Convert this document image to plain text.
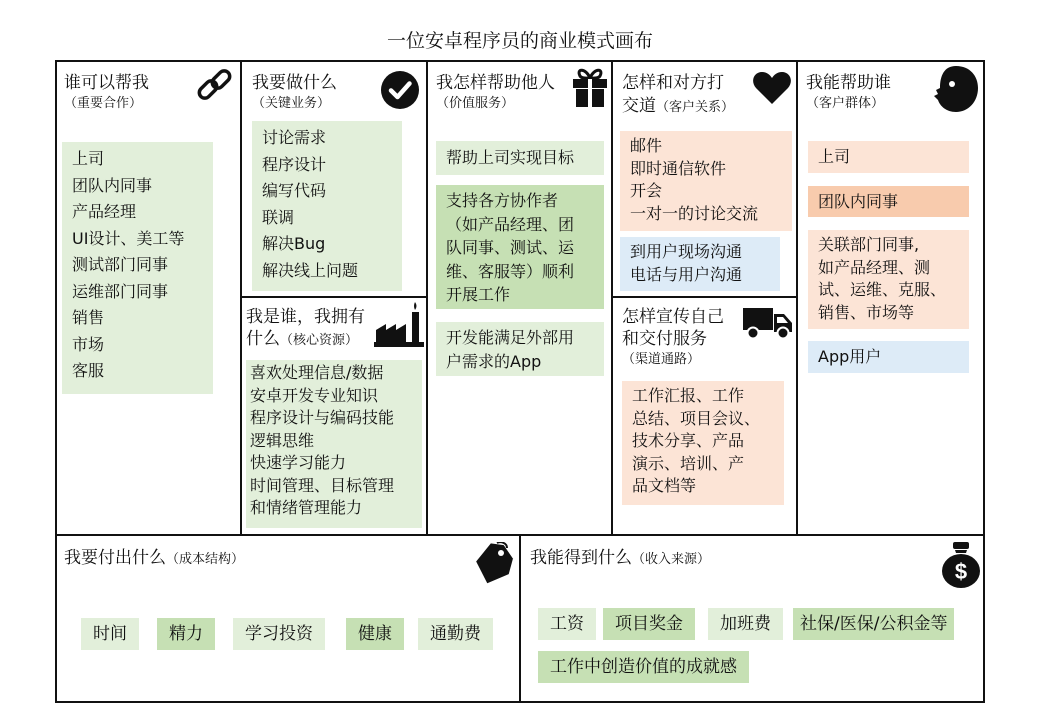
一位安卓程序员的商业模式画布
谁可以帮我
（重要合作）
上司
团队内同事
产品经理
UI设计、美工等
测试部门同事
运维部门同事
销售
市场
客服
我要做什么
（关键业务）
讨论需求
程序设计
编写代码
联调
解决Bug
解决线上问题
我是谁，我拥有
什么（核心资源）
喜欢处理信息/数据
安卓开发专业知识
程序设计与编码技能
逻辑思维
快速学习能力
时间管理、目标管理
和情绪管理能力
我怎样帮助他人
（价值服务）
帮助上司实现目标
支持各方协作者
（如产品经理、团
队同事、测试、运
维、客服等）顺利
开展工作
开发能满足外部用
户需求的App
怎样和对方打
交道（客户关系）
邮件
即时通信软件
开会
一对一的讨论交流
到用户现场沟通
电话与用户沟通
怎样宣传自己
和交付服务
（渠道通路）
工作汇报、工作
总结、项目会议、
技术分享、产品
演示、培训、产
品文档等
我能帮助谁
（客户群体）
上司
团队内同事
关联部门同事,
如产品经理、测
试、运维、克服、
销售、市场等
App用户
我要付出什么（成本结构）
时间	精力	学习投资	健康	通勤费
我能得到什么（收入来源）	$
工资	项目奖金	加班费	社保/医保/公积金等
工作中创造价值的成就感
